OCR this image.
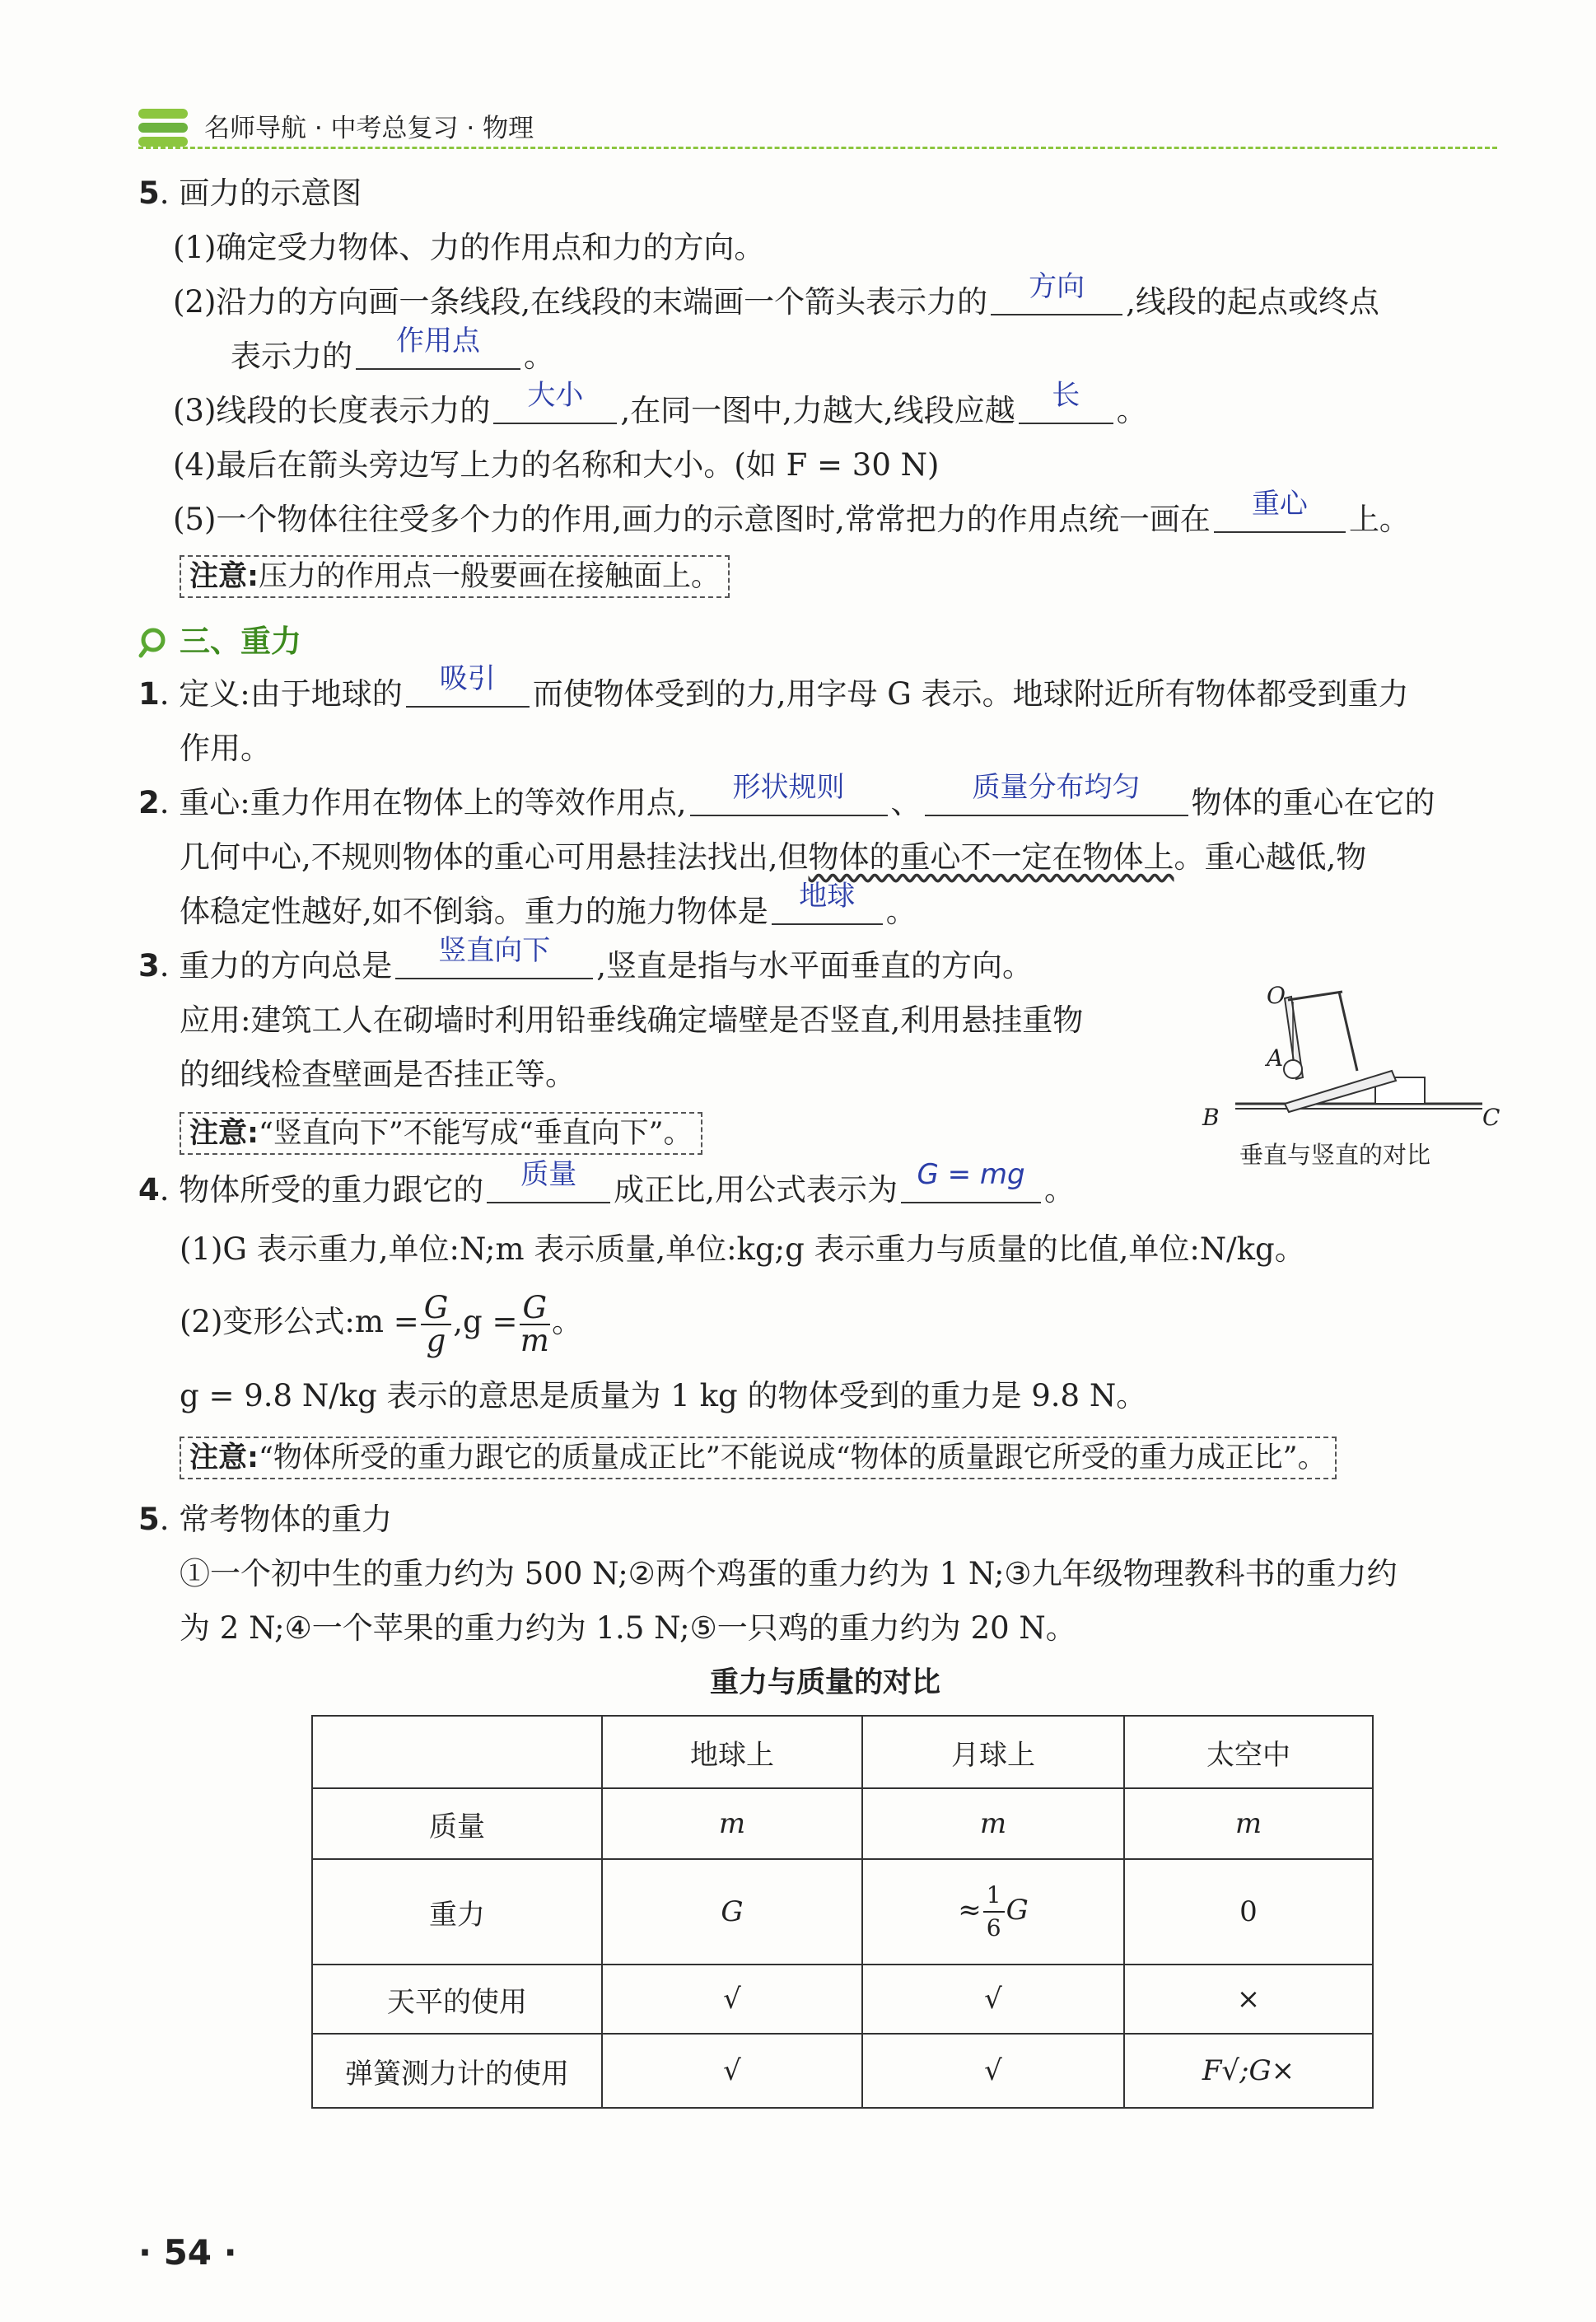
名师导航 · 中考总复习 · 物理
5. 画力的示意图
(1)确定受力物体、力的作用点和力的方向。
(2)沿力的方向画一条线段,在线段的末端画一个箭头表示力的	方向	,线段的起点或终点
表示力的	作用点	。
(3)线段的长度表示力的	大小	,在同一图中,力越大,线段应越	长	。
(4)最后在箭头旁边写上力的名称和大小。(如 F = 30 N)
(5)一个物体往往受多个力的作用,画力的示意图时,常常把力的作用点统一画在	重心	上。
注意:压力的作用点一般要画在接触面上。
三、重力
1. 定义:由于地球的	吸引	而使物体受到的力,用字母 G 表示。地球附近所有物体都受到重力
作用。
2. 重心:重力作用在物体上的等效作用点,	形状规则	、	质量分布均匀	物体的重心在它的
几何中心,不规则物体的重心可用悬挂法找出,但物体的重心不一定在物体上。重心越低,物
体稳定性越好,如不倒翁。重力的施力物体是	地球	。
3. 重力的方向总是	竖直向下	,竖直是指与水平面垂直的方向。
应用:建筑工人在砌墙时利用铅垂线确定墙壁是否竖直,利用悬挂重物
的细线检查壁画是否挂正等。
注意:“竖直向下”不能写成“垂直向下”。
O
A
B	C
垂直与竖直的对比
4. 物体所受的重力跟它的	质量	成正比,用公式表示为 G = mg 。
(1)G 表示重力,单位:N;m 表示质量,单位:kg;g 表示重力与质量的比值,单位:N/kg。
(2)变形公式:m = $\frac{G}{g} ,g = \frac{G}{m}$ 。
g = 9.8 N/kg 表示的意思是质量为 1 kg 的物体受到的重力是 9.8 N。
注意:“物体所受的重力跟它的质量成正比”不能说成“物体的质量跟它所受的重力成正比”。
5. 常考物体的重力
①一个初中生的重力约为 500 N;②两个鸡蛋的重力约为 1 N;③九年级物理教科书的重力约
为 2 N;④一个苹果的重力约为 1.5 N;⑤一只鸡的重力约为 20 N。
重力与质量的对比
	地球上	月球上	太空中
质量	m	m	m
重力	G	≈ $\frac{1}{6}$ G	0
天平的使用	√	√	×
弹簧测力计的使用	√	√	F√;G×
· 54 ·
